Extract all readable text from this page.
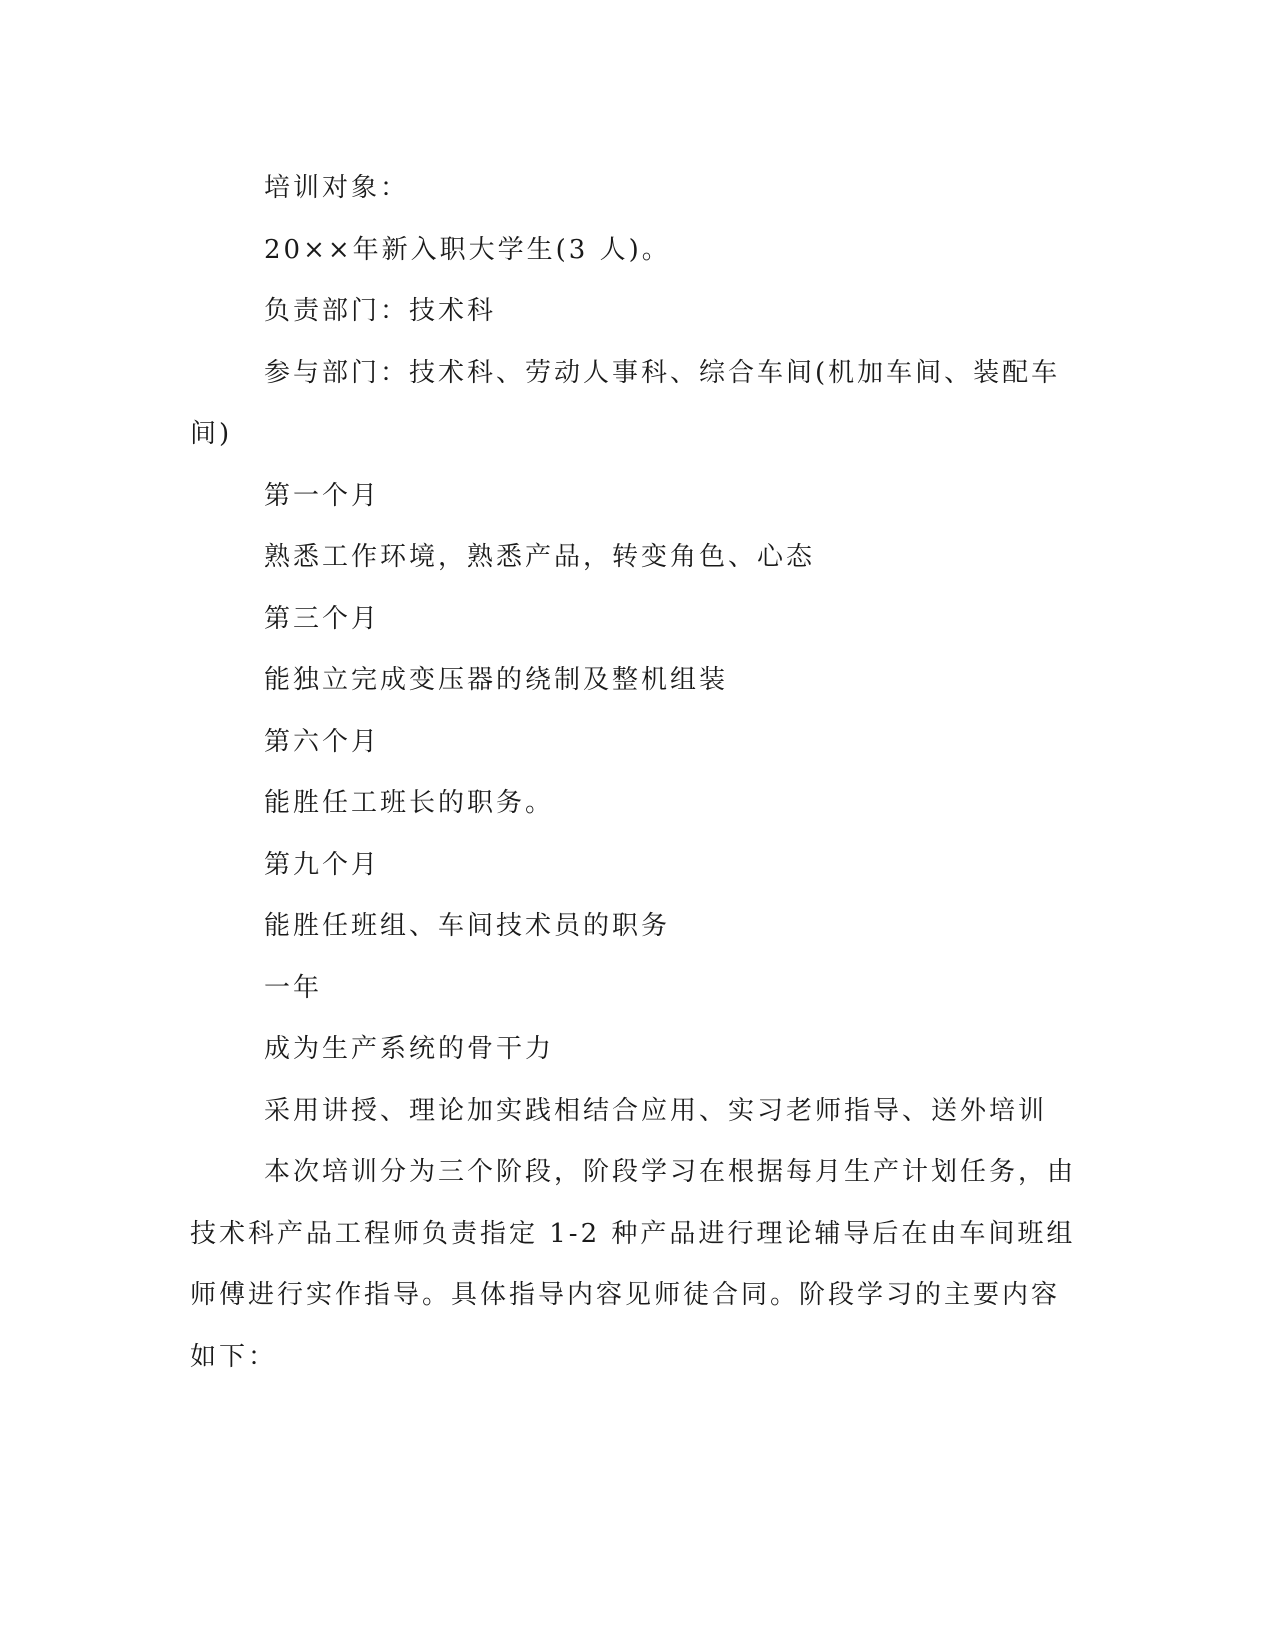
培训对象：

20××年新入职大学生(3 人)。

负责部门：技术科

参与部门：技术科、劳动人事科、综合车间(机加车间、装配车间)

第一个月

熟悉工作环境，熟悉产品，转变角色、心态

第三个月

能独立完成变压器的绕制及整机组装

第六个月

能胜任工班长的职务。

第九个月

能胜任班组、车间技术员的职务

一年

成为生产系统的骨干力

采用讲授、理论加实践相结合应用、实习老师指导、送外培训

本次培训分为三个阶段，阶段学习在根据每月生产计划任务，由技术科产品工程师负责指定 1-2 种产品进行理论辅导后在由车间班组师傅进行实作指导。具体指导内容见师徒合同。阶段学习的主要内容如下：
